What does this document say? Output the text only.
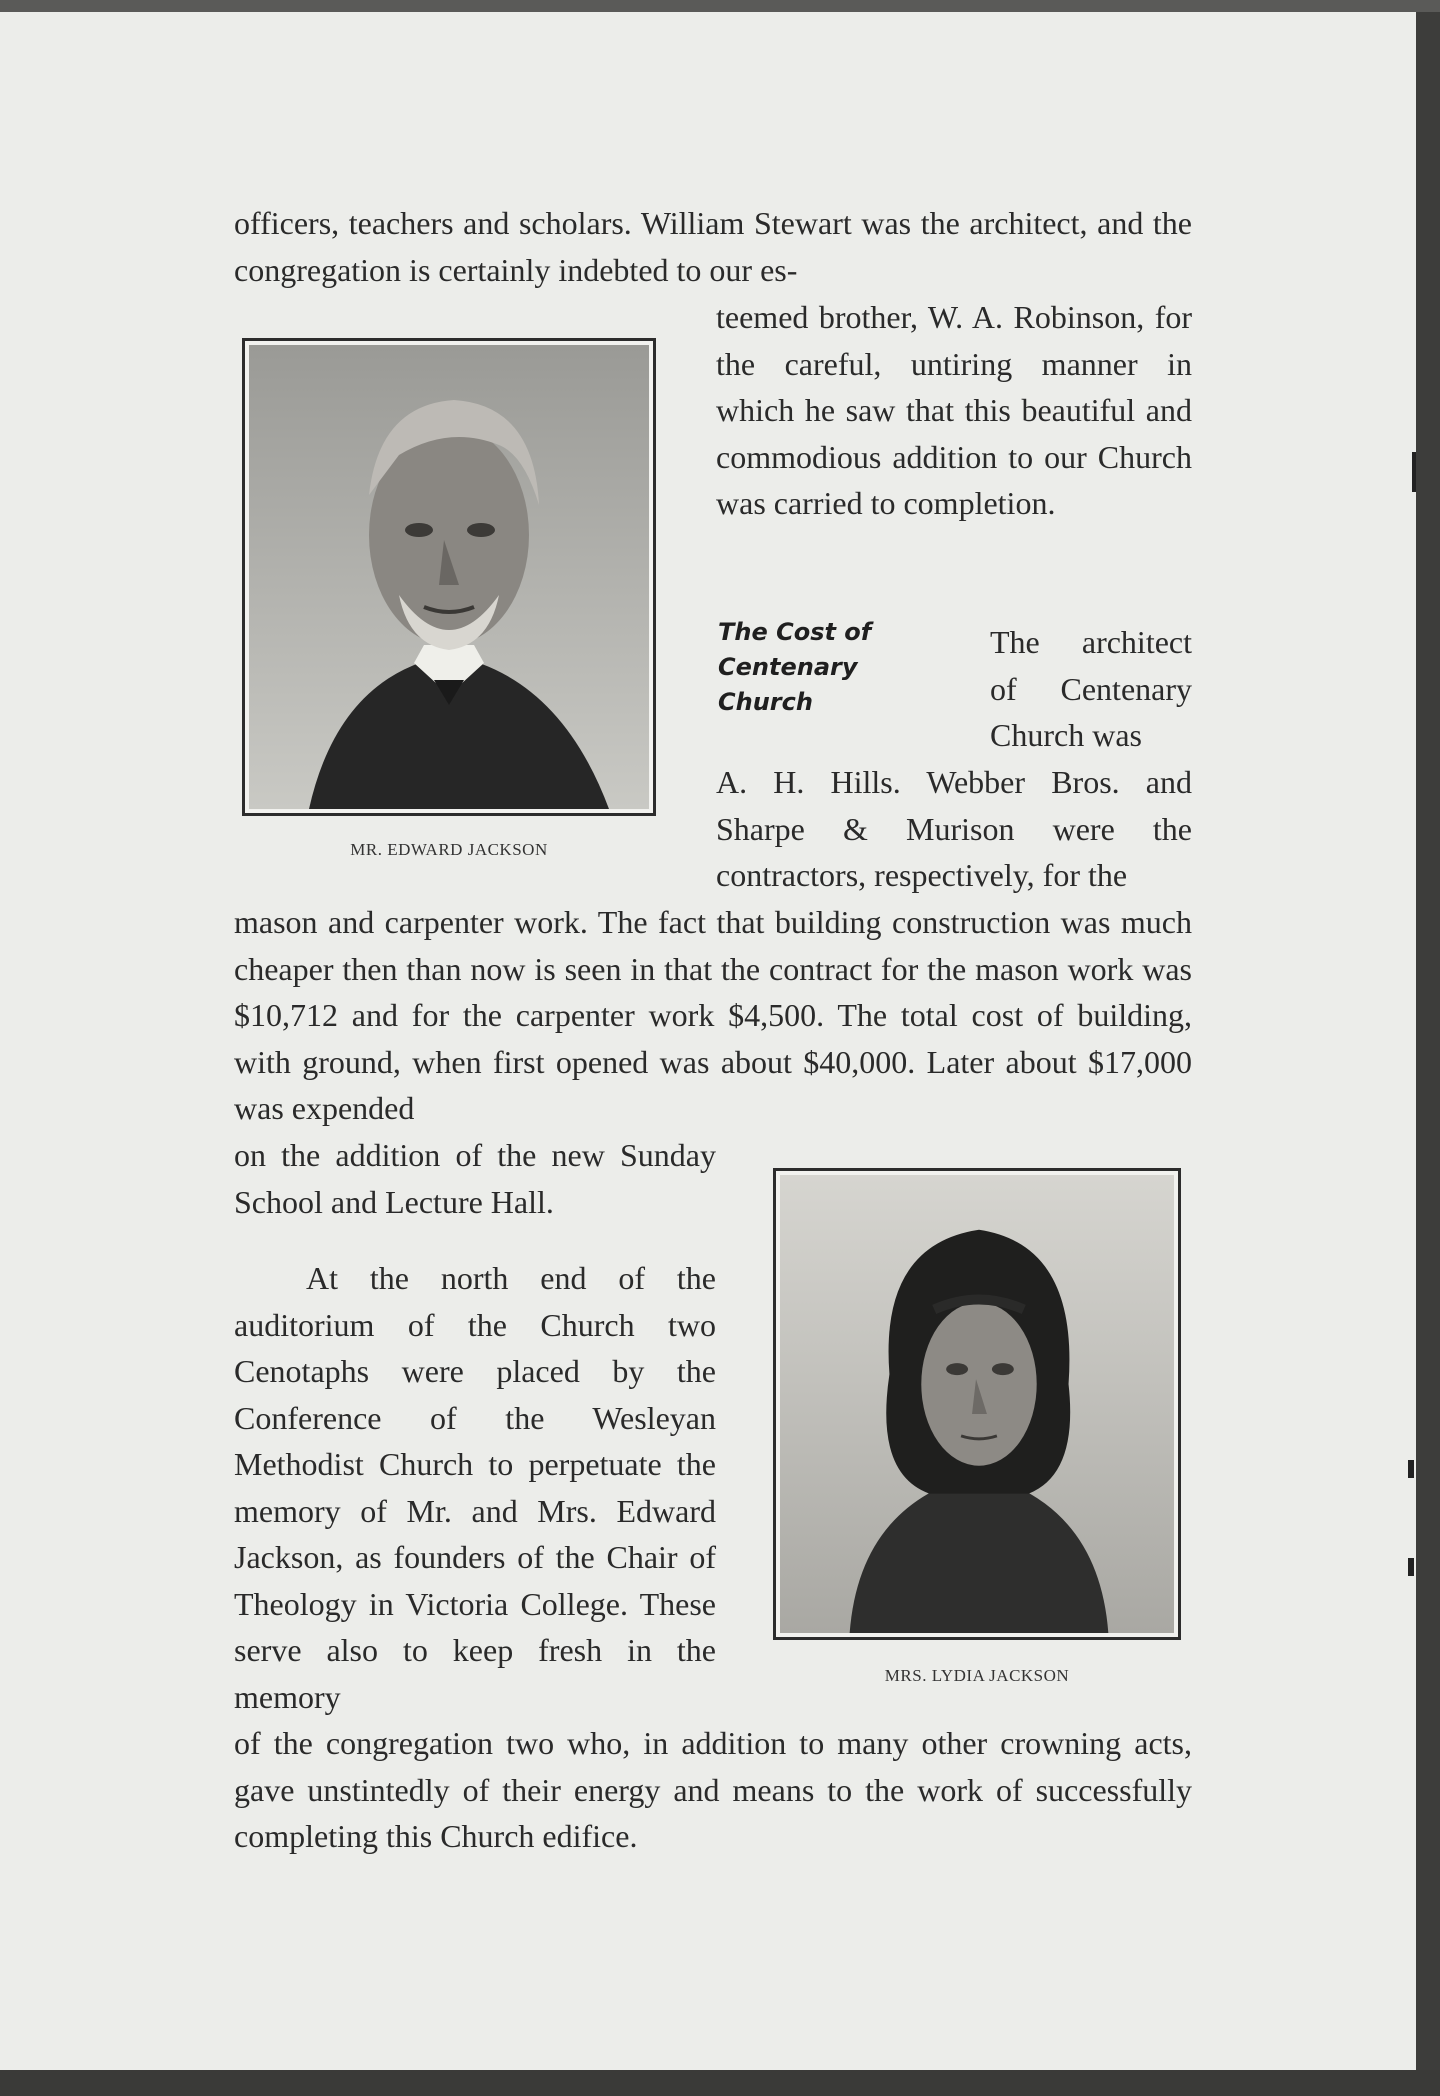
officers, teachers and scholars. William Stewart was the architect, and the congregation is certainly indebted to our es-
MR. EDWARD JACKSON
teemed brother, W. A. Robinson, for the careful, untiring manner in which he saw that this beautiful and commodious addition to our Church was carried to completion.
The Cost of Centenary Church
The architect of Centenary Church was
A. H. Hills. Webber Bros. and Sharpe & Murison were the contractors, respectively, for the
mason and carpenter work. The fact that building construction was much cheaper then than now is seen in that the contract for the mason work was $10,712 and for the carpenter work $4,500. The total cost of building, with ground, when first opened was about $40,000. Later about $17,000 was expended
on the addition of the new Sunday School and Lecture Hall.
At the north end of the auditorium of the Church two Cenotaphs were placed by the Conference of the Wesleyan Methodist Church to perpetuate the memory of Mr. and Mrs. Edward Jackson, as founders of the Chair of Theology in Victoria College. These serve also to keep fresh in the memory
MRS. LYDIA JACKSON
of the congregation two who, in addition to many other crowning acts, gave unstintedly of their energy and means to the work of successfully completing this Church edifice.
